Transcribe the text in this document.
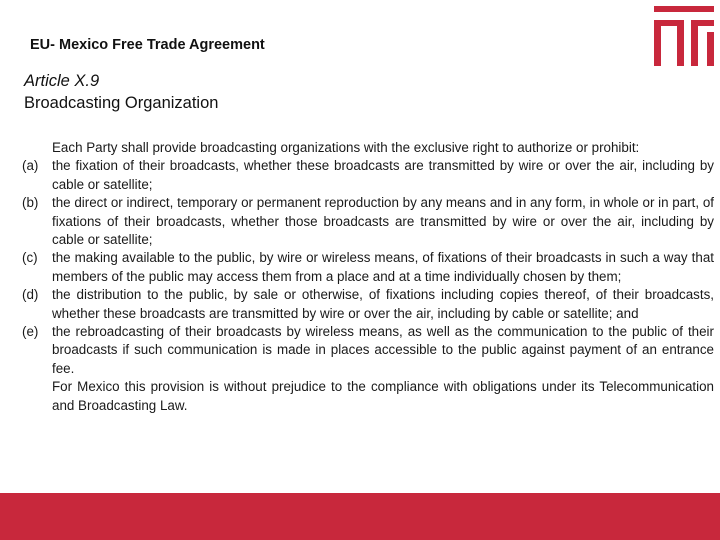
EU- Mexico Free Trade Agreement
Article X.9
Broadcasting Organization
Each Party shall provide broadcasting organizations with the exclusive right to authorize or prohibit:
(a)	the fixation of their broadcasts, whether these broadcasts are transmitted by wire or over the air, including by cable or satellite;
(b)	the direct or indirect, temporary or permanent reproduction by any means and in any form, in whole or in part, of fixations of their broadcasts, whether those broadcasts are transmitted by wire or over the air, including by cable or satellite;
(c)	the making available to the public, by wire or wireless means, of fixations of their broadcasts in such a way that members of the public may access them from a place and at a time individually chosen by them;
(d)	the distribution to the public, by sale or otherwise, of fixations including copies thereof, of their broadcasts, whether these broadcasts are transmitted by wire or over the air, including by cable or satellite; and
(e)	the rebroadcasting of their broadcasts by wireless means, as well as the communication to the public of their broadcasts if such communication is made in places accessible to the public against payment of an entrance fee.
For Mexico this provision is without prejudice to the compliance with obligations under its Telecommunication and Broadcasting Law.
